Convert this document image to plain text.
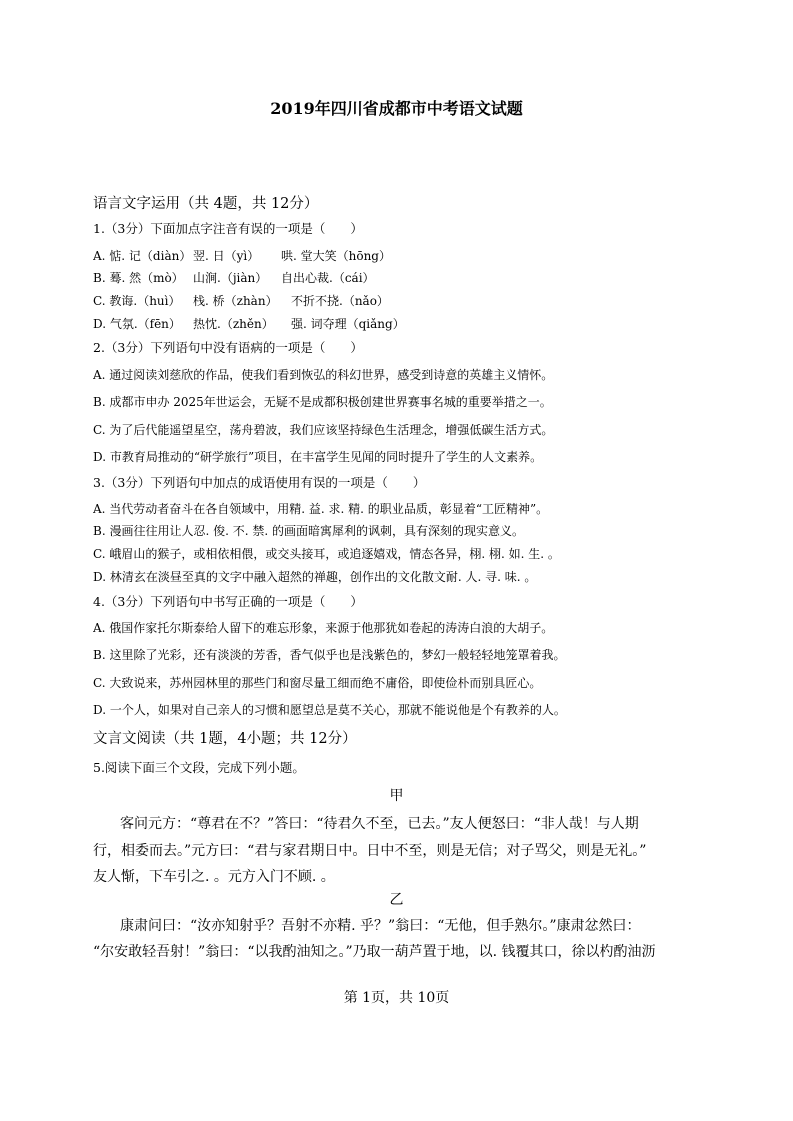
2019年四川省成都市中考语文试题
语言文字运用（共 4题，共 12分）
1.（3分）下面加点字注音有误的一项是（　　）
A. 惦. 记（diàn） 翌. 日（yì） 哄. 堂大笑（hōng）
B. 蓦. 然（mò） 山涧.（jiàn） 自出心裁.（cái）
C. 教诲.（huì） 栈. 桥（zhàn） 不折不挠.（nǎo）
D. 气氛.（fēn） 热忱.（zhěn） 强. 词夺理（qiǎng）
2.（3分）下列语句中没有语病的一项是（　　）
A. 通过阅读刘慈欣的作品，使我们看到恢弘的科幻世界，感受到诗意的英雄主义情怀。
B. 成都市申办 2025年世运会，无疑不是成都积极创建世界赛事名城的重要举措之一。
C. 为了后代能遥望星空，荡舟碧波，我们应该坚持绿色生活理念，增强低碳生活方式。
D. 市教育局推动的“研学旅行”项目，在丰富学生见闻的同时提升了学生的人文素养。
3.（3分）下列语句中加点的成语使用有误的一项是（　　）
A. 当代劳动者奋斗在各自领域中，用精. 益. 求. 精. 的职业品质，彰显着“工匠精神”。
B. 漫画往往用让人忍. 俊. 不. 禁. 的画面暗寓犀利的讽刺，具有深刻的现实意义。
C. 峨眉山的猴子，或相依相偎，或交头接耳，或追逐嬉戏，情态各异，栩. 栩. 如. 生. 。
D. 林清玄在淡昼至真的文字中融入超然的禅趣，创作出的文化散文耐. 人. 寻. 味. 。
4.（3分）下列语句中书写正确的一项是（　　）
A. 俄国作家托尔斯泰给人留下的难忘形象，来源于他那犹如卷起的涛涛白浪的大胡子。
B. 这里除了光彩，还有淡淡的芳香，香气似乎也是浅紫色的，梦幻一般轻轻地笼罩着我。
C. 大致说来，苏州园林里的那些门和窗尽量工细而绝不庸俗，即使俭朴而别具匠心。
D. 一个人，如果对自己亲人的习惯和愿望总是莫不关心，那就不能说他是个有教养的人。
文言文阅读（共 1题，4小题；共 12分）
5.阅读下面三个文段，完成下列小题。
甲
客问元方：“尊君在不？”答曰：“待君久不至，已去。”友人便怒曰：“非人哉！与人期
行，相委而去。”元方曰：“君与家君期日中。日中不至，则是无信；对子骂父，则是无礼。”
友人惭，下车引之. 。元方入门不顾. 。
乙
康肃问曰：“汝亦知射乎？吾射不亦精. 乎？”翁曰：“无他，但手熟尔。”康肃忿然曰：
“尔安敢轻吾射！”翁曰：“以我酌油知之。”乃取一葫芦置于地，以. 钱覆其口，徐以杓酌油沥
第 1页，共 10页
